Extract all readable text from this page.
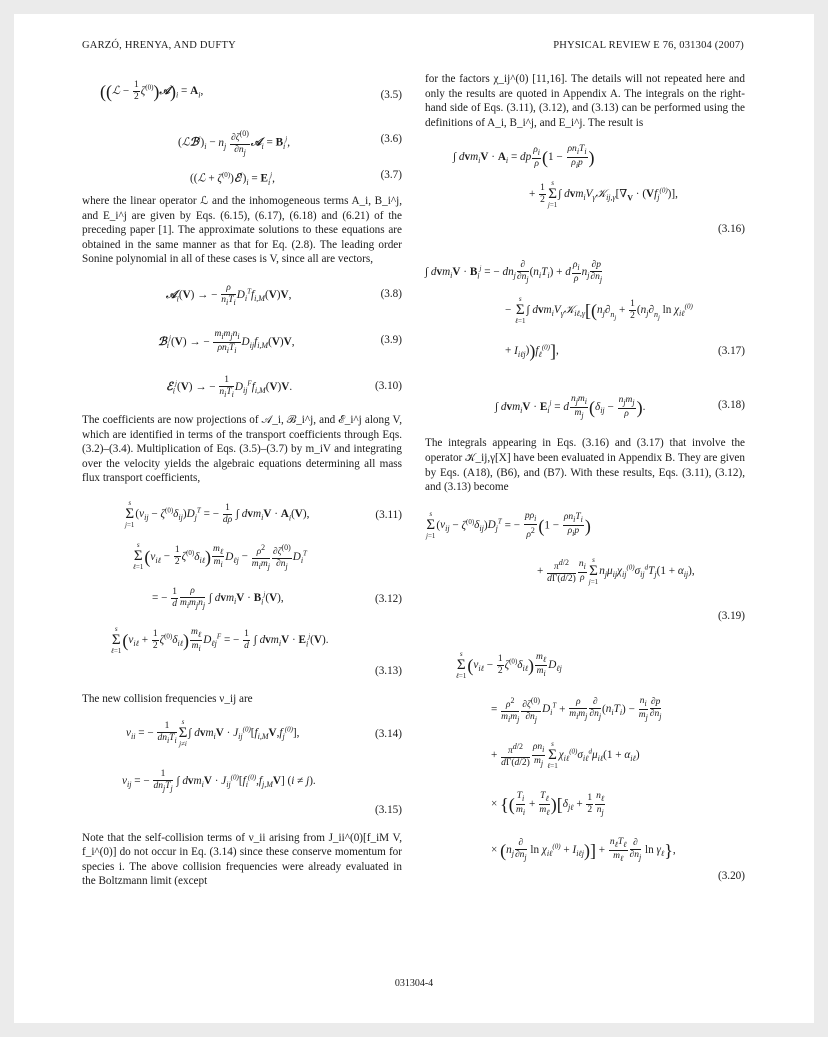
GARZÓ, HRENYA, AND DUFTY	PHYSICAL REVIEW E 76, 031304 (2007)
((ℒ − $\frac{1}{2}$ $\zeta^{(0)})𝒜)_i = A_i$,	(3.5)
$(ℒℬ^j)_i - n_j \frac{\partial\zeta^{(0)}}{\partial n_j}$ 𝒜$_i$ = $B_i^j$,	(3.6)
((ℒ + $\zeta^{(0)})ℰ^j)_i = E_i^j$,	(3.7)

where the linear operator ℒ and the inhomogeneous terms A_i, B_i^j, and E_i^j are given by Eqs. (6.15), (6.17), (6.18) and (6.21) of the preceding paper [1]. The approximate solutions to these equations are obtained in the same manner as that for Eq. (2.8). The leading order Sonine polynomial in all of these cases is V, since all are vectors,

𝒜$_i$(V) → − $\frac{\rho}{n_iT_i} D_i^Tf_{i,M}(V)V$,	(3.8)
ℬ$_i^j$(V) → − $\frac{m_im_jn_i}{\rho n_iT_i} D_{ij}f_{i,M}(V)V$,	(3.9)
ℰ$_i^j$(V) → − $\frac{1}{n_iT_i} D_{ij}^Ff_{i,M}(V)V$.	(3.10)

The coefficients are now projections of 𝒜_i, ℬ_i^j, and ℰ_i^j along V, which are identified in terms of the transport coefficients through Eqs. (3.2)–(3.4). Multiplication of Eqs. (3.5)–(3.7) by m_iV and integrating over the velocity yields the algebraic equations determining all mass flux transport coefficients,

s
Σ
$j=1(\nu_{ij} - \zeta^{(0)}\delta_{ij})D_j^T$ = − $\frac{1}{d\rho}$ ∫ $dvm_iV \cdot A_i(V)$,	(3.11)
s
Σ
$\ell=1(\nu_{i\ell} - \frac{1}{2} \zeta^{(0)}\delta_{i\ell}) \frac{m_\ell}{m_i} D_{\ell j} - \frac{\rho^2}{m_im_j} \frac{\partial\zeta^{(0)}}{\partial n_j} D_i^T$
= − $\frac{1}{d} \frac{\rho}{m_im_jn_j}$ ∫ $dvm_iV \cdot B_i^j(V)$,	(3.12)
s
Σ
$\ell=1(\nu_{i\ell} + \frac{1}{2} \zeta^{(0)}\delta_{i\ell}) \frac{m_\ell}{m_i} D_{\ell j}^F$ = − $\frac{1}{d}$ ∫ $dvm_iV \cdot E_i^j(V)$.
(3.13)

The new collision frequencies ν_ij are

$\nu_{ii}$ = − $\frac{1}{dn_iT_i}$ s
Σ
j≠i∫ $dvm_iV \cdot J_{ij}^{(0)}[f_{i,M}V,f_j^{(0)}]$,	(3.14)
$\nu_{ij}$ = − $\frac{1}{dn_jT_j}$ ∫ $dvm_iV \cdot J_{ij}^{(0)}[f_i^{(0)},f_{j,M}V] (i \ne j)$.
(3.15)

Note that the self-collision terms of ν_ii arising from J_ii^(0)[f_iM V, f_i^(0)] do not occur in Eq. (3.14) since these conserve momentum for species i. The above collision frequencies were already evaluated in the Boltzmann limit (except

for the factors χ_ij^(0) [11,16]. The details will not repeated here and only the results are quoted in Appendix A. The integrals on the right-hand side of Eqs. (3.11), (3.12), and (3.13) can be performed using the definitions of A_i, B_i^j, and E_i^j. The result is

∫ $dvm_iV \cdot A_i$ = dp $\frac{\rho_i}{\rho} (1 - \frac{\rho n_iT_i}{\rho_ip}$ )
+ $\frac{1}{2}$ s
Σ
j=1∫ $dvm_iV_\gamma 𝒦_{ij,\gamma}[\nabla_V \cdot (Vf_j^{(0)})]$,
(3.16)
∫ $dvm_iV \cdot B_i^j$ = − $dn_j \frac{\partial}{\partial n_j} (n_iT_i) + d \frac{\rho_i}{\rho} n_j \frac{\partial p}{\partial n_j}$
− s
Σ
ℓ=1∫ $dvm_iV_\gamma 𝒦_{i\ell,\gamma}[(n_j\partial_{n_j} + \frac{1}{2} (n_j\partial_{n_j}$ $\ln \chi_{i\ell}^{(0)}$
+ $I_{i\ell j}))f_\ell^{(0)}$],	(3.17)
∫ $dvm_iV \cdot E_i^j = d \frac{n_jm_i}{m_j} (\delta_{ij} - \frac{n_jm_j}{\rho}$ ).	(3.18)

The integrals appearing in Eqs. (3.16) and (3.17) that involve the operator 𝒦_ij,γ[X] have been evaluated in Appendix B. They are given by Eqs. (A18), (B6), and (B7). With these results, Eqs. (3.11), (3.12), and (3.13) become

s
Σ
$j=1(\nu_{ij} - \zeta^{(0)}\delta_{ij})D_j^T$ = − $\frac{p\rho_i}{\rho^2} (1 - \frac{\rho n_iT_i}{\rho_ip}$ )
+ $\frac{\pi^{d/2}}{d\Gamma(d/2)} \frac{n_i}{\rho}$ s
Σ
$j=1n_j\mu_{ij}\chi_{ij}^{(0)}\sigma_{ij}^dT_j(1 + \alpha_{ij})$,
(3.19)
s
Σ
$\ell=1(\nu_{i\ell} - \frac{1}{2} \zeta^{(0)}\delta_{i\ell}) \frac{m_\ell}{m_i} D_{\ell j}$
= $\frac{\rho^2}{m_im_j} \frac{\partial\zeta^{(0)}}{\partial n_j} D_i^T + \frac{\rho}{m_im_j} \frac{\partial}{\partial n_j} (n_iT_i) - \frac{n_i}{m_j} \frac{\partial p}{\partial n_j}$
+ $\frac{\pi^{d/2}}{d\Gamma(d/2)} \frac{\rho n_i}{m_j}$ s
Σ
$\ell=1\chi_{i\ell}^{(0)}\sigma_{i\ell}^d\mu_{i\ell}(1 + \alpha_{i\ell})$
× {( $\frac{T_i}{m_i} + \frac{T_\ell}{m_\ell} )[\delta_{j\ell} + \frac{1}{2} \frac{n_\ell}{n_j}$
× ($n_j \frac{\partial}{\partial n_j}$ $\ln \chi_{i\ell}^{(0)} + I_{i\ell j})] + \frac{n_\ell T_\ell}{m_\ell} \frac{\partial}{\partial n_j}$ $\ln \gamma_\ell$},
(3.20)
031304-4
